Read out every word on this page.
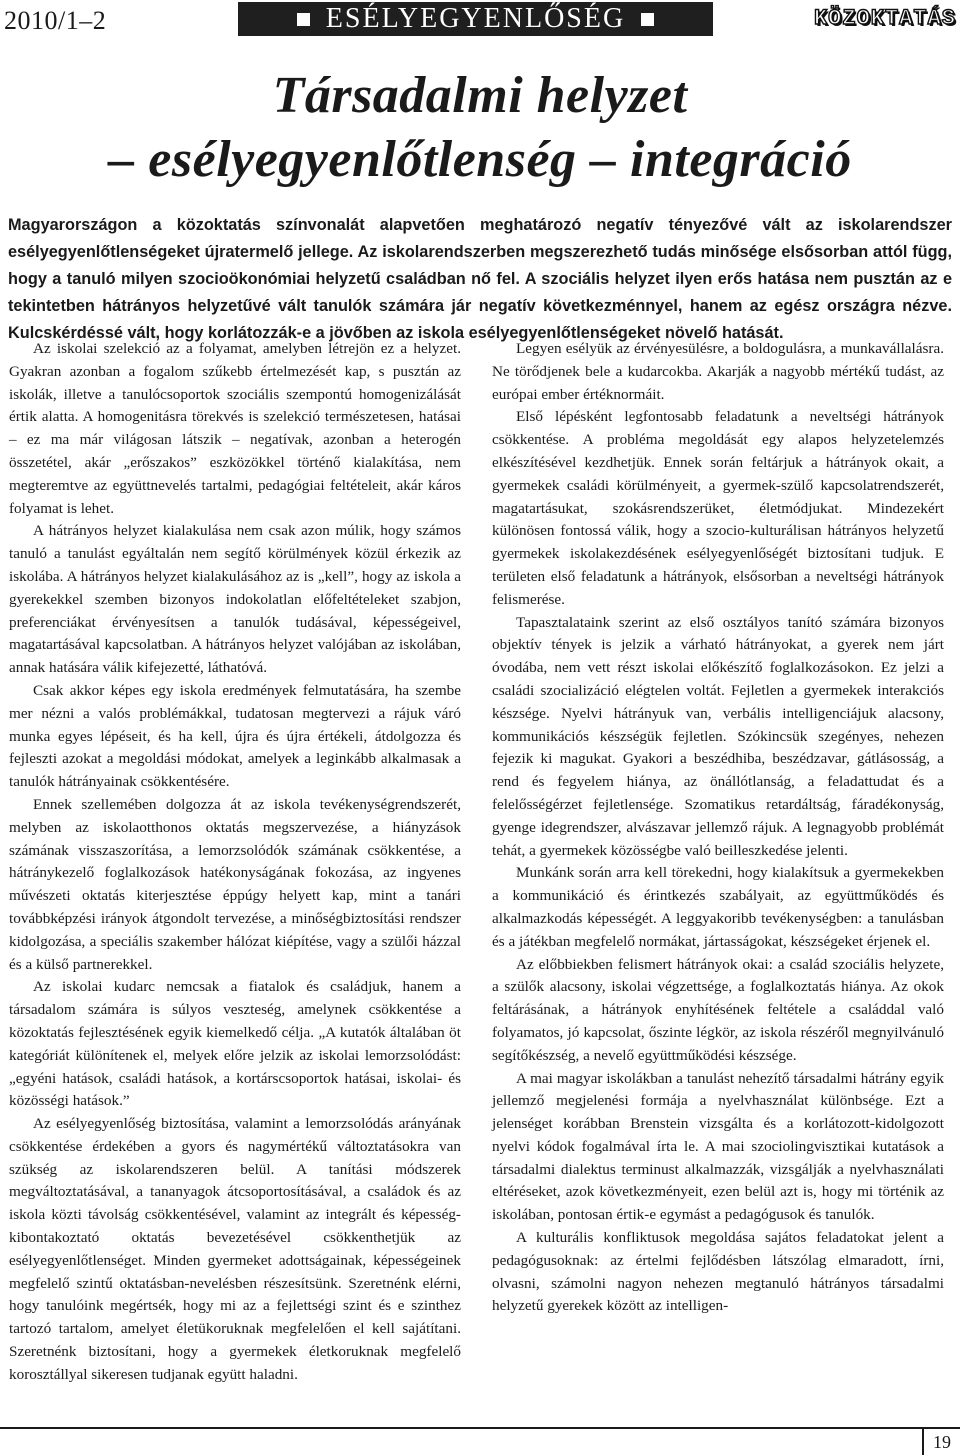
2010/1–2	ESÉLYEGYENLŐSÉG	KÖZOKTATÁS
Társadalmi helyzet
– esélyegyenlőtlenség – integráció

Magyarországon a közoktatás színvonalát alapvetően meghatározó negatív tényezővé vált az iskolarendszer esélyegyenlőtlenségeket újratermelő jellege. Az iskolarendszerben megszerezhető tudás minősége elsősorban attól függ, hogy a tanuló milyen szocioökonómiai helyzetű családban nő fel. A szociális helyzet ilyen erős hatása nem pusztán az e tekintetben hátrányos helyzetűvé vált tanulók számára jár negatív következménnyel, hanem az egész országra nézve. Kulcskérdéssé vált, hogy korlátozzák-e a jövőben az iskola esélyegyenlőtlenségeket növelő hatását.

Az iskolai szelekció az a folyamat, amelyben létrejön ez a helyzet. Gyakran azonban a fogalom szűkebb értelmezését kap, s pusztán az iskolák, illetve a tanulócsoportok szociális szempontú homogenizálását értik alatta. A homogenitásra törekvés is szelekció természetesen, hatásai – ez ma már világosan látszik – negatívak, azonban a heterogén összetétel, akár „erőszakos” eszközökkel történő kialakítása, nem megteremtve az együttnevelés tartalmi, pedagógiai feltételeit, akár káros folyamat is lehet.

A hátrányos helyzet kialakulása nem csak azon múlik, hogy számos tanuló a tanulást egyáltalán nem segítő körülmények közül érkezik az iskolába. A hátrányos helyzet kialakulásához az is „kell”, hogy az iskola a gyerekekkel szemben bizonyos indokolatlan előfeltételeket szabjon, preferenciákat érvényesítsen a tanulók tudásával, képességeivel, magatartásával kapcsolatban. A hátrányos helyzet valójában az iskolában, annak hatására válik kifejezetté, láthatóvá.

Csak akkor képes egy iskola eredmények felmutatására, ha szembe mer nézni a valós problémákkal, tudatosan megtervezi a rájuk váró munka egyes lépéseit, és ha kell, újra és újra értékeli, átdolgozza és fejleszti azokat a megoldási módokat, amelyek a leginkább alkalmasak a tanulók hátrányainak csökkentésére.

Ennek szellemében dolgozza át az iskola tevékenységrendszerét, melyben az iskolaotthonos oktatás megszervezése, a hiányzások számának visszaszorítása, a lemorzsolódók számának csökkentése, a hátránykezelő foglalkozások hatékonyságának fokozása, az ingyenes művészeti oktatás kiterjesztése éppúgy helyett kap, mint a tanári továbbképzési irányok átgondolt tervezése, a minőségbiztosítási rendszer kidolgozása, a speciális szakember hálózat kiépítése, vagy a szülői házzal és a külső partnerekkel.

Az iskolai kudarc nemcsak a fiatalok és családjuk, hanem a társadalom számára is súlyos veszteség, amelynek csökkentése a közoktatás fejlesztésének egyik kiemelkedő célja. „A kutatók általában öt kategóriát különítenek el, melyek előre jelzik az iskolai lemorzsolódást: „egyéni hatások, családi hatások, a kortárscsoportok hatásai, iskolai- és közösségi hatások.”

Az esélyegyenlőség biztosítása, valamint a lemorzsolódás arányának csökkentése érdekében a gyors és nagymértékű változtatásokra van szükség az iskolarendszeren belül. A tanítási módszerek megváltoztatásával, a tananyagok átcsoportosításával, a családok és az iskola közti távolság csökkentésével, valamint az integrált és képesség-kibontakoztató oktatás bevezetésével csökkenthetjük az esélyegyenlőtlenséget. Minden gyermeket adottságainak, képességeinek megfelelő szintű oktatásban-nevelésben részesítsünk. Szeretnénk elérni, hogy tanulóink megértsék, hogy mi az a fejlettségi szint és e szinthez tartozó tartalom, amelyet életükoruknak megfelelően el kell sajátítani. Szeretnénk biztosítani, hogy a gyermekek életkoruknak megfelelő korosztállyal sikeresen tudjanak együtt haladni.

Legyen esélyük az érvényesülésre, a boldogulásra, a munkavállalásra. Ne törődjenek bele a kudarcokba. Akarják a nagyobb mértékű tudást, az európai ember értéknormáit.

Első lépésként legfontosabb feladatunk a neveltségi hátrányok csökkentése. A probléma megoldását egy alapos helyzetelemzés elkészítésével kezdhetjük. Ennek során feltárjuk a hátrányok okait, a gyermekek családi körülményeit, a gyermek-szülő kapcsolatrendszerét, magatartásukat, szokásrendszerüket, életmódjukat. Mindezekért különösen fontossá válik, hogy a szocio-kulturálisan hátrányos helyzetű gyermekek iskolakezdésének esélyegyenlőségét biztosítani tudjuk. E területen első feladatunk a hátrányok, elsősorban a neveltségi hátrányok felismerése.

Tapasztalataink szerint az első osztályos tanító számára bizonyos objektív tények is jelzik a várható hátrányokat, a gyerek nem járt óvodába, nem vett részt iskolai előkészítő foglalkozásokon. Ez jelzi a családi szocializáció elégtelen voltát. Fejletlen a gyermekek interakciós készsége. Nyelvi hátrányuk van, verbális intelligenciájuk alacsony, kommunikációs készségük fejletlen. Szókincsük szegényes, nehezen fejezik ki magukat. Gyakori a beszédhiba, beszédzavar, gátlásosság, a rend és fegyelem hiánya, az önállótlanság, a feladattudat és a felelősségérzet fejletlensége. Szomatikus retardáltság, fáradékonyság, gyenge idegrendszer, alvászavar jellemző rájuk. A legnagyobb problémát tehát, a gyermekek közösségbe való beilleszkedése jelenti.

Munkánk során arra kell törekedni, hogy kialakítsuk a gyermekekben a kommunikáció és érintkezés szabályait, az együttműködés és alkalmazkodás képességét. A leggyakoribb tevékenységben: a tanulásban és a játékban megfelelő normákat, jártasságokat, készségeket érjenek el.

Az előbbiekben felismert hátrányok okai: a család szociális helyzete, a szülők alacsony, iskolai végzettsége, a foglalkoztatás hiánya. Az okok feltárásának, a hátrányok enyhítésének feltétele a családdal való folyamatos, jó kapcsolat, őszinte légkör, az iskola részéről megnyilvánuló segítőkészség, a nevelő együttműködési készsége.

A mai magyar iskolákban a tanulást nehezítő társadalmi hátrány egyik jellemző megjelenési formája a nyelvhasználat különbsége. Ezt a jelenséget korábban Brenstein vizsgálta és a korlátozott-kidolgozott nyelvi kódok fogalmával írta le. A mai szociolingvisztikai kutatások a társadalmi dialektus terminust alkalmazzák, vizsgálják a nyelvhasználati eltéréseket, azok következményeit, ezen belül azt is, hogy mi történik az iskolában, pontosan értik-e egymást a pedagógusok és tanulók.

A kulturális konfliktusok megoldása sajátos feladatokat jelent a pedagógusoknak: az értelmi fejlődésben látszólag elmaradott, írni, olvasni, számolni nagyon nehezen megtanuló hátrányos társadalmi helyzetű gyerekek között az intelligen-

19
